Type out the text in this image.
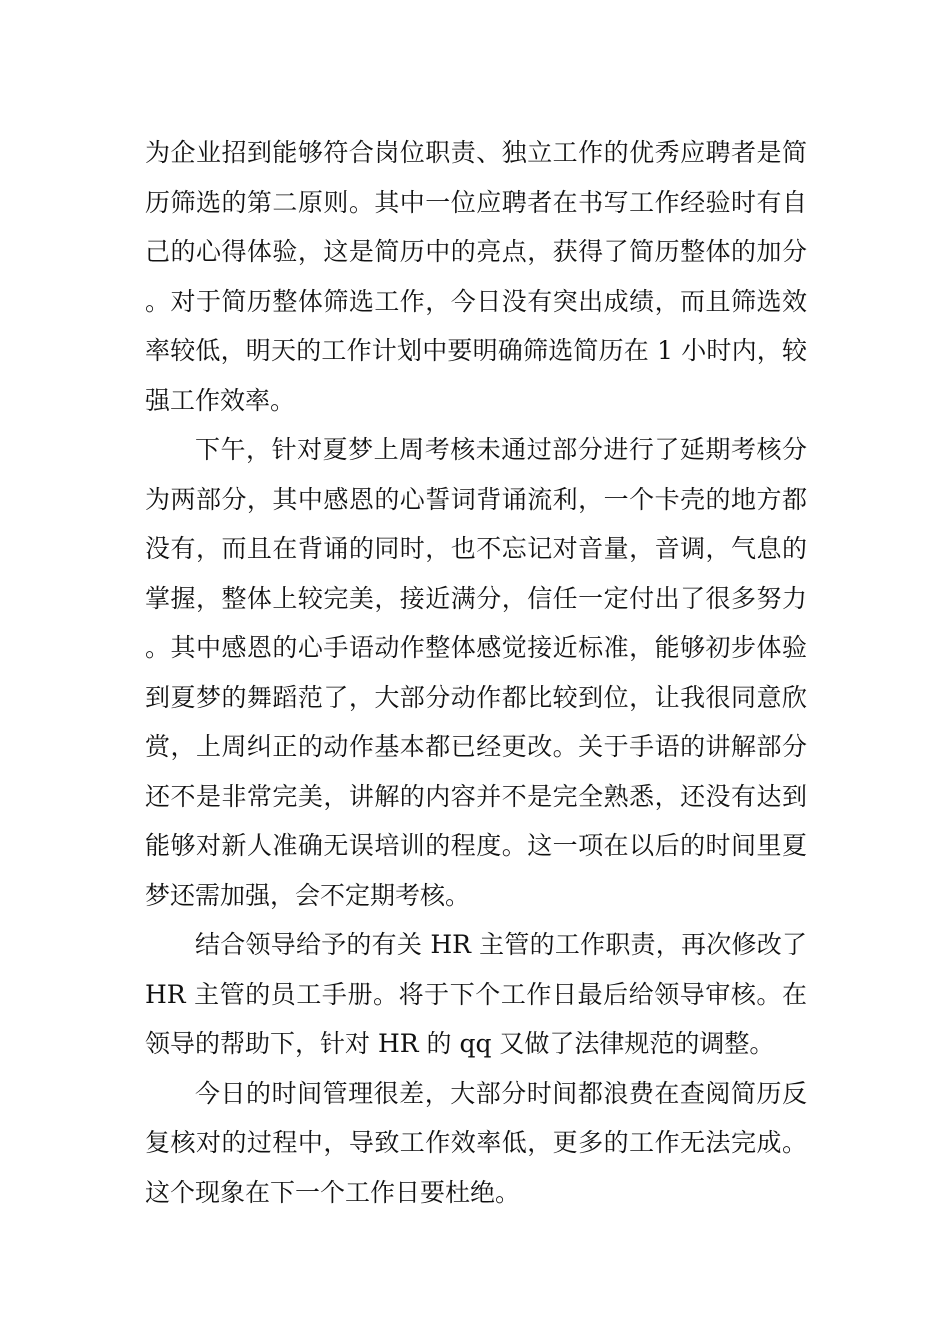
为企业招到能够符合岗位职责、独立工作的优秀应聘者是简历筛选的第二原则。其中一位应聘者在书写工作经验时有自己的心得体验，这是简历中的亮点，获得了简历整体的加分。对于简历整体筛选工作，今日没有突出成绩，而且筛选效率较低，明天的工作计划中要明确筛选简历在 1 小时内，较强工作效率。

下午，针对夏梦上周考核未通过部分进行了延期考核分为两部分，其中感恩的心誓词背诵流利，一个卡壳的地方都没有，而且在背诵的同时，也不忘记对音量，音调，气息的掌握，整体上较完美，接近满分，信任一定付出了很多努力。其中感恩的心手语动作整体感觉接近标准，能够初步体验到夏梦的舞蹈范了，大部分动作都比较到位，让我很同意欣赏，上周纠正的动作基本都已经更改。关于手语的讲解部分还不是非常完美，讲解的内容并不是完全熟悉，还没有达到能够对新人准确无误培训的程度。这一项在以后的时间里夏梦还需加强，会不定期考核。

结合领导给予的有关 HR 主管的工作职责，再次修改了 HR 主管的员工手册。将于下个工作日最后给领导审核。在领导的帮助下，针对 HR 的 qq 又做了法律规范的调整。

今日的时间管理很差，大部分时间都浪费在查阅简历反复核对的过程中，导致工作效率低，更多的工作无法完成。这个现象在下一个工作日要杜绝。
